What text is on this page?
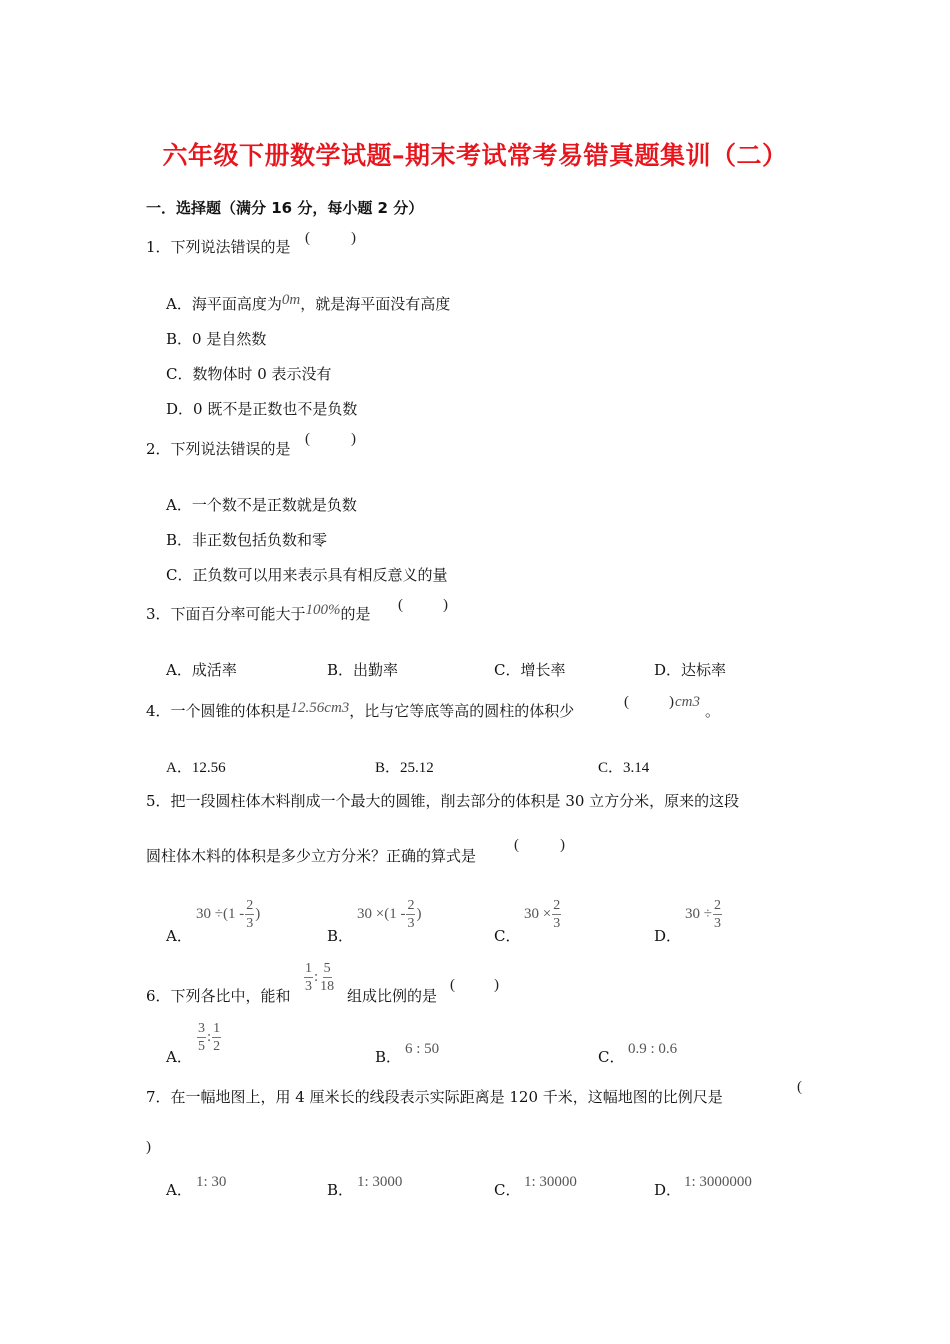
六年级下册数学试题–期末考试常考易错真题集训（二）
一．选择题（满分 16 分，每小题 2 分）
1．下列说法错误的是 (	)
A．海平面高度为0m，就是海平面没有高度
B．0 是自然数
C．数物体时 0 表示没有
D．0 既不是正数也不是负数
2．下列说法错误的是
(	)
A．一个数不是正数就是负数
B．非正数包括负数和零
C．正负数可以用来表示具有相反意义的量
3．下面百分率可能大于100%的是 (	)
A．成活率	B．出勤率	C．增长率	D．达标率
4．一个圆锥的体积是12.56cm3，比与它等底等高的圆柱的体积少	(	) cm3 。
A．12.56	B．25.12	C．3.14
5．把一段圆柱体木料削成一个最大的圆锥，削去部分的体积是 30 立方分米，原来的这段
圆柱体木料的体积是多少立方分米？正确的算式是
(	)
A．
$30 \div(1 - \frac{2}{3}$ )
B．
$30 \times(1 - \frac{2}{3}$ )
C．
$30 \times \frac{2}{3}$
D．
$30 \div \frac{2}{3}$
6．下列各比中，能和
$\frac{1}{3}$ : $\frac{5}{18}$
组成比例的是
(	)
A．
$\frac{3}{5}$ : $\frac{1}{2}$
B． 6 : 50	C． 0.9 : 0.6
7．在一幅地图上，用 4 厘米长的线段表示实际距离是 120 千米，这幅地图的比例尺是
(
)
A． 1: 30	B． 1: 3000	C． 1: 30000	D． 1: 3000000
